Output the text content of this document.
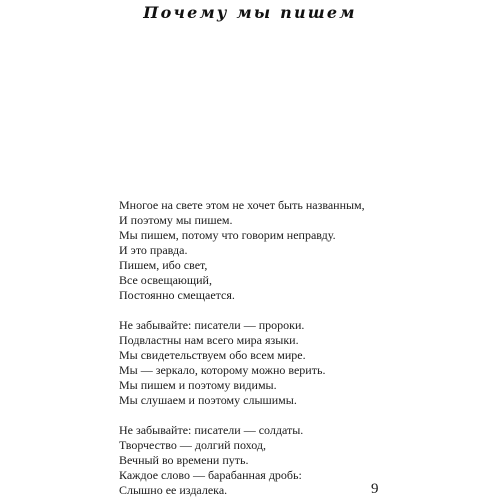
Почему мы пишем
Многое на свете этом не хочет быть названным,
И поэтому мы пишем.
Мы пишем, потому что говорим неправду.
И это правда.
Пишем, ибо свет,
Все освещающий,
Постоянно смещается.
Не забывайте: писатели — пророки.
Подвластны нам всего мира языки.
Мы свидетельствуем обо всем мире.
Мы — зеркало, которому можно верить.
Мы пишем и поэтому видимы.
Мы слушаем и поэтому слышимы.
Не забывайте: писатели — солдаты.
Творчество — долгий поход,
Вечный во времени путь.
Каждое слово — барабанная дробь:
Слышно ее издалека.	9
